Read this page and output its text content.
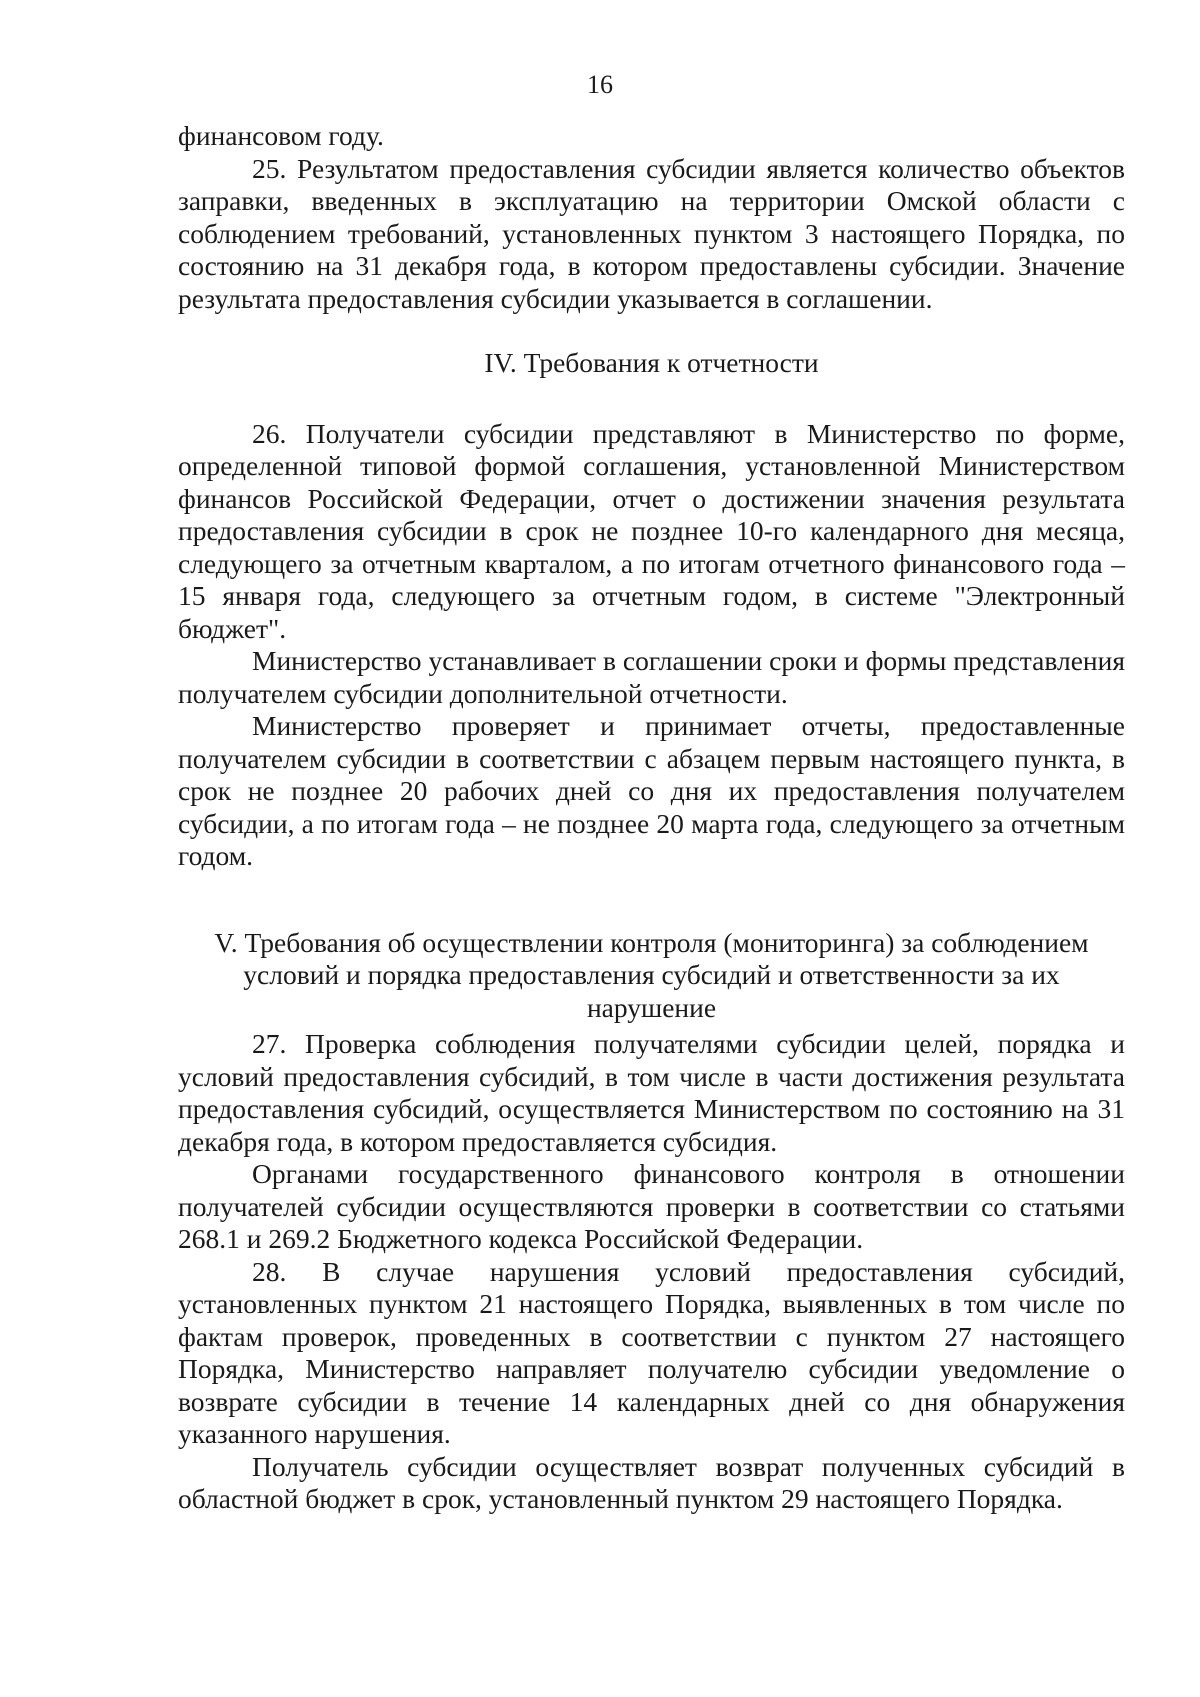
16

финансовом году.

25. Результатом предоставления субсидии является количество объектов заправки, введенных в эксплуатацию на территории Омской области с соблюдением требований, установленных пунктом 3 настоящего Порядка, по состоянию на 31 декабря года, в котором предоставлены субсидии. Значение результата предоставления субсидии указывается в соглашении.

IV. Требования к отчетности

26. Получатели субсидии представляют в Министерство по форме, определенной типовой формой соглашения, установленной Министерством финансов Российской Федерации, отчет о достижении значения результата предоставления субсидии в срок не позднее 10-го календарного дня месяца, следующего за отчетным кварталом, а по итогам отчетного финансового года – 15 января года, следующего за отчетным годом, в системе "Электронный бюджет".

Министерство устанавливает в соглашении сроки и формы представления получателем субсидии дополнительной отчетности.

Министерство проверяет и принимает отчеты, предоставленные получателем субсидии в соответствии с абзацем первым настоящего пункта, в срок не позднее 20 рабочих дней со дня их предоставления получателем субсидии, а по итогам года – не позднее 20 марта года, следующего за отчетным годом.

V. Требования об осуществлении контроля (мониторинга) за соблюдением
условий и порядка предоставления субсидий и ответственности за их
нарушение

27. Проверка соблюдения получателями субсидии целей, порядка и условий предоставления субсидий, в том числе в части достижения результата предоставления субсидий, осуществляется Министерством по состоянию на 31 декабря года, в котором предоставляется субсидия.

Органами государственного финансового контроля в отношении получателей субсидии осуществляются проверки в соответствии со статьями 268.1 и 269.2 Бюджетного кодекса Российской Федерации.

28. В случае нарушения условий предоставления субсидий, установленных пунктом 21 настоящего Порядка, выявленных в том числе по фактам проверок, проведенных в соответствии с пунктом 27 настоящего Порядка, Министерство направляет получателю субсидии уведомление о возврате субсидии в течение 14 календарных дней со дня обнаружения указанного нарушения.

Получатель субсидии осуществляет возврат полученных субсидий в областной бюджет в срок, установленный пунктом 29 настоящего Порядка.
